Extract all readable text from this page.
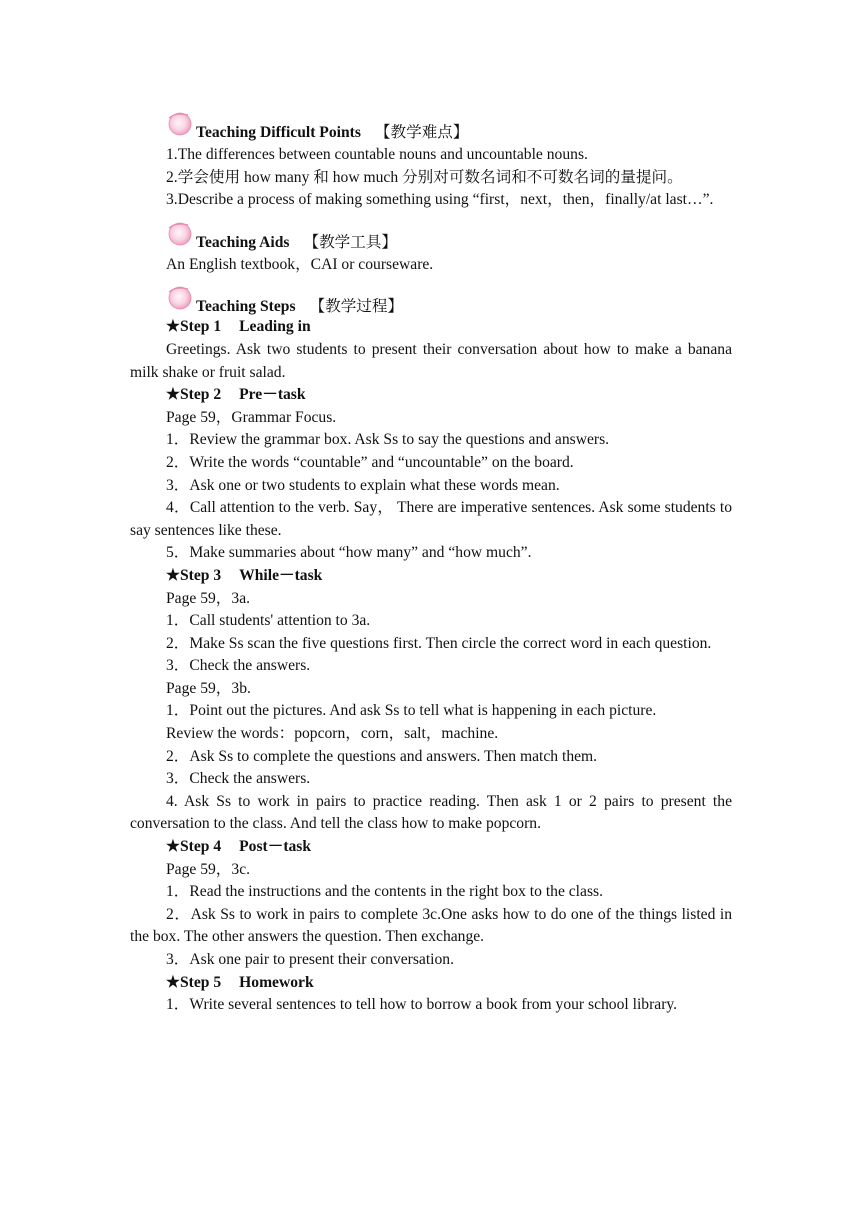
Teaching Difficult Points 【教学难点】
1.The differences between countable nouns and uncountable nouns.
2.学会使用 how many 和 how much 分别对可数名词和不可数名词的量提问。
3.Describe a process of making something using “first，next，then，finally/at last…”.
Teaching Aids 【教学工具】
An English textbook，CAI or courseware.
Teaching Steps 【教学过程】
★Step 1 Leading in
Greetings. Ask two students to present their conversation about how to make a banana milk shake or fruit salad.
★Step 2 Pre－task
Page 59，Grammar Focus.
1．Review the grammar box. Ask Ss to say the questions and answers.
2．Write the words “countable” and “uncountable” on the board.
3．Ask one or two students to explain what these words mean.
4．Call attention to the verb. Say， There are imperative sentences. Ask some students to say sentences like these.
5．Make summaries about “how many” and “how much”.
★Step 3 While－task
Page 59，3a.
1．Call students' attention to 3a.
2．Make Ss scan the five questions first. Then circle the correct word in each question.
3．Check the answers.
Page 59，3b.
1．Point out the pictures. And ask Ss to tell what is happening in each picture.
Review the words：popcorn，corn，salt，machine.
2．Ask Ss to complete the questions and answers. Then match them.
3．Check the answers.
4. Ask Ss to work in pairs to practice reading. Then ask 1 or 2 pairs to present the conversation to the class. And tell the class how to make popcorn.
★Step 4 Post－task
Page 59，3c.
1．Read the instructions and the contents in the right box to the class.
2．Ask Ss to work in pairs to complete 3c.One asks how to do one of the things listed in the box. The other answers the question. Then exchange.
3．Ask one pair to present their conversation.
★Step 5 Homework
1．Write several sentences to tell how to borrow a book from your school library.
